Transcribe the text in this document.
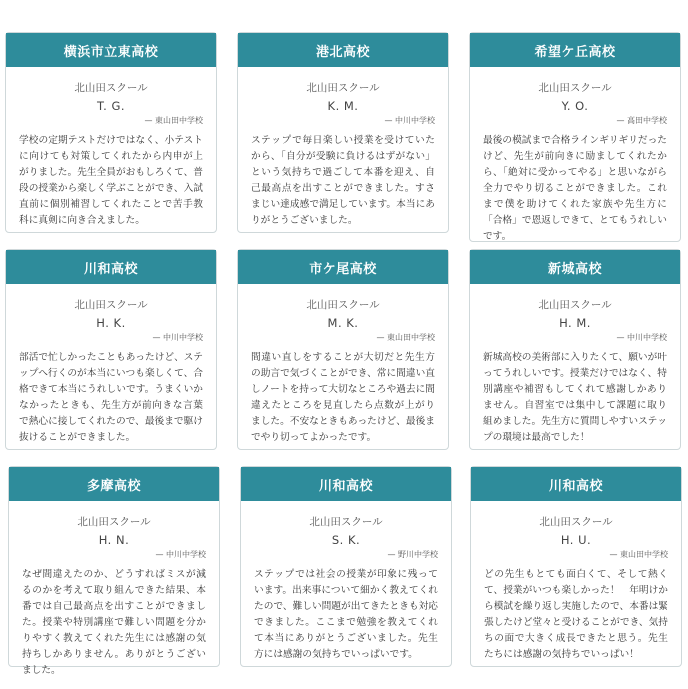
横浜市立東高校
北山田スクール
T. G.
— 東山田中学校
学校の定期テストだけではなく、小テストに向けても対策してくれたから内申が上がりました。先生全員がおもしろくて、普段の授業から楽しく学ぶことができ、入試直前に個別補習してくれたことで苦手教科に真剣に向き合えました。
港北高校
北山田スクール
K. M.
— 中川中学校
ステップで毎日楽しい授業を受けていたから、「自分が受験に負けるはずがない」という気持ちで過ごして本番を迎え、自己最高点を出すことができました。すさまじい達成感で満足しています。本当にありがとうございました。
希望ケ丘高校
北山田スクール
Y. O.
— 高田中学校
最後の模試まで合格ラインギリギリだったけど、先生が前向きに励ましてくれたから、「絶対に受かってやる」と思いながら全力でやり切ることができました。これまで僕を助けてくれた家族や先生方に「合格」で恩返しできて、とてもうれしいです。
川和高校
北山田スクール
H. K.
— 中川中学校
部活で忙しかったこともあったけど、ステップへ行くのが本当にいつも楽しくて、合格できて本当にうれしいです。うまくいかなかったときも、先生方が前向きな言葉で熱心に接してくれたので、最後まで駆け抜けることができました。
市ケ尾高校
北山田スクール
M. K.
— 東山田中学校
間違い直しをすることが大切だと先生方の助言で気づくことができ、常に間違い直しノートを持って大切なところや過去に間違えたところを見直したら点数が上がりました。不安なときもあったけど、最後までやり切ってよかったです。
新城高校
北山田スクール
H. M.
— 中川中学校
新城高校の美術部に入りたくて、願いが叶ってうれしいです。授業だけではなく、特別講座や補習もしてくれて感謝しかありません。自習室では集中して課題に取り組めました。先生方に質問しやすいステップの環境は最高でした！
多摩高校
北山田スクール
H. N.
— 中川中学校
なぜ間違えたのか、どうすればミスが減るのかを考えて取り組んできた結果、本番では自己最高点を出すことができました。授業や特別講座で難しい問題を分かりやすく教えてくれた先生には感謝の気持ちしかありません。ありがとうございました。
川和高校
北山田スクール
S. K.
— 野川中学校
ステップでは社会の授業が印象に残っています。出来事について細かく教えてくれたので、難しい問題が出てきたときも対応できました。ここまで勉強を教えてくれて本当にありがとうございました。先生方には感謝の気持ちでいっぱいです。
川和高校
北山田スクール
H. U.
— 東山田中学校
どの先生もとても面白くて、そして熱くて、授業がいつも楽しかった！　年明けから模試を繰り返し実施したので、本番は緊張したけど堂々と受けることができ、気持ちの面で大きく成長できたと思う。先生たちには感謝の気持ちでいっぱい！
